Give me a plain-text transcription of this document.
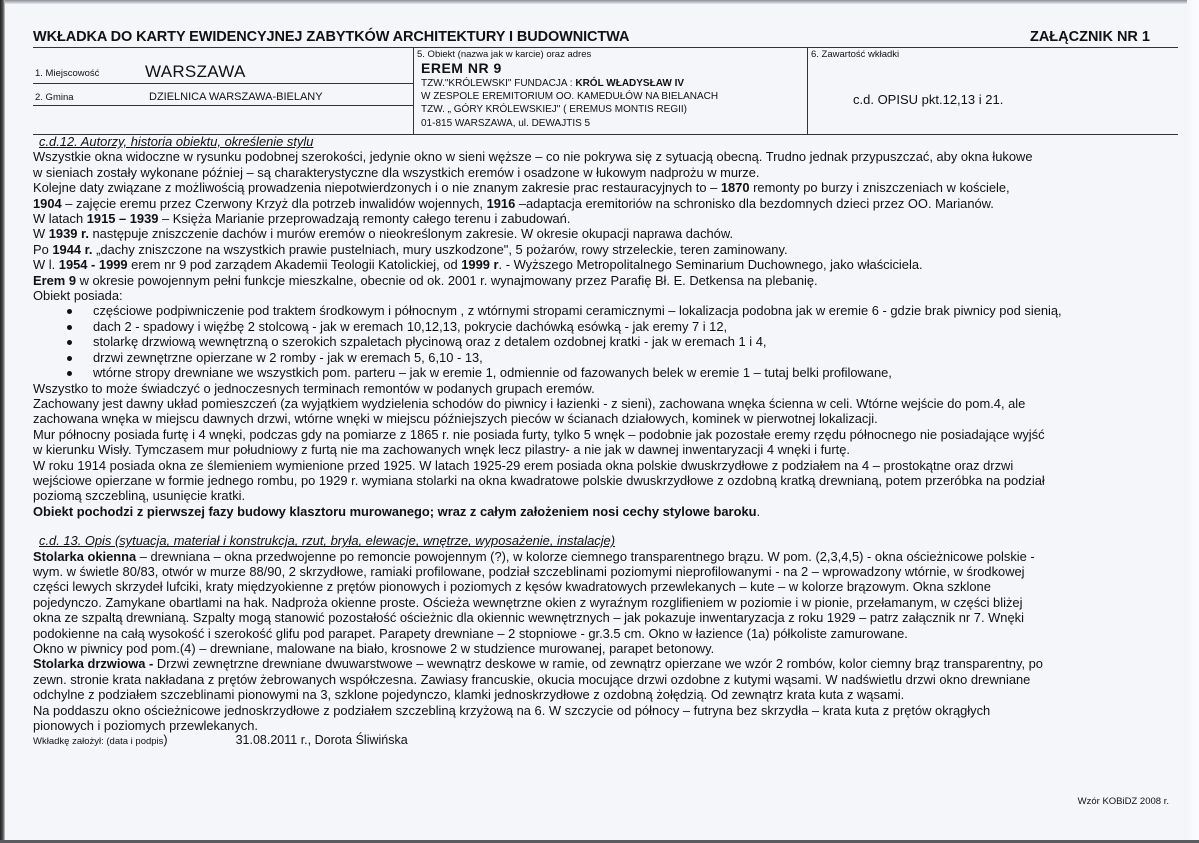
WKŁADKA DO KARTY EWIDENCYJNEJ ZABYTKÓW ARCHITEKTURY I BUDOWNICTWA	ZAŁĄCZNIK NR 1
1. Miejscowość	WARSZAWA
2. Gmina	DZIELNICA WARSZAWA-BIELANY
5. Obiekt (nazwa jak w karcie) oraz adres
EREM NR 9
TZW."KRÓLEWSKI" FUNDACJA : KRÓL WŁADYSŁAW IV
W ZESPOLE EREMITORIUM OO. KAMEDUŁÓW NA BIELANACH
TZW. „ GÓRY KRÓLEWSKIEJ" ( EREMUS MONTIS REGII)
01-815 WARSZAWA, ul. DEWAJTIS 5
6. Zawartość wkładki
c.d. OPISU pkt.12,13 i 21.

c.d.12. Autorzy, historia obiektu, określenie stylu

Wszystkie okna widoczne w rysunku podobnej szerokości, jedynie okno w sieni węższe – co nie pokrywa się z sytuacją obecną. Trudno jednak przypuszczać, aby okna łukowe

w sieniach zostały wykonane później – są charakterystyczne dla wszystkich eremów i osadzone w łukowym nadprożu w murze.

Kolejne daty związane z możliwością prowadzenia niepotwierdzonych i o nie znanym zakresie prac restauracyjnych to – 1870 remonty po burzy i zniszczeniach w kościele,

1904 – zajęcie eremu przez Czerwony Krzyż dla potrzeb inwalidów wojennych, 1916 –adaptacja eremitoriów na schronisko dla bezdomnych dzieci przez OO. Marianów.

W latach 1915 – 1939 – Księża Marianie przeprowadzają remonty całego terenu i zabudowań.

W 1939 r. następuje zniszczenie dachów i murów eremów o nieokreślonym zakresie. W okresie okupacji naprawa dachów.

Po 1944 r. „dachy zniszczone na wszystkich prawie pustelniach, mury uszkodzone", 5 pożarów, rowy strzeleckie, teren zaminowany.

W l. 1954 - 1999 erem nr 9 pod zarządem Akademii Teologii Katolickiej, od 1999 r. - Wyższego Metropolitalnego Seminarium Duchownego, jako właściciela.

Erem 9 w okresie powojennym pełni funkcje mieszkalne, obecnie od ok. 2001 r. wynajmowany przez Parafię Bł. E. Detkensa na plebanię.

Obiekt posiada:

częściowe podpiwniczenie pod traktem środkowym i północnym , z wtórnymi stropami ceramicznymi – lokalizacja podobna jak w eremie 6 - gdzie brak piwnicy pod sienią,
dach 2 - spadowy i więźbę 2 stolcową - jak w eremach 10,12,13, pokrycie dachówką esówką - jak eremy 7 i 12,
stolarkę drzwiową wewnętrzną o szerokich szpaletach płycinową oraz z detalem ozdobnej kratki - jak w eremach 1 i 4,
drzwi zewnętrzne opierzane w 2 romby - jak w eremach 5, 6,10 - 13,
wtórne stropy drewniane we wszystkich pom. parteru – jak w eremie 1, odmiennie od fazowanych belek w eremie 1 – tutaj belki profilowane,

Wszystko to może świadczyć o jednoczesnych terminach remontów w podanych grupach eremów.

Zachowany jest dawny układ pomieszczeń (za wyjątkiem wydzielenia schodów do piwnicy i łazienki - z sieni), zachowana wnęka ścienna w celi. Wtórne wejście do pom.4, ale

zachowana wnęka w miejscu dawnych drzwi, wtórne wnęki w miejscu późniejszych pieców w ścianach działowych, kominek w pierwotnej lokalizacji.

Mur północny posiada furtę i 4 wnęki, podczas gdy na pomiarze z 1865 r. nie posiada furty, tylko 5 wnęk – podobnie jak pozostałe eremy rzędu północnego nie posiadające wyjść

w kierunku Wisły. Tymczasem mur południowy z furtą nie ma zachowanych wnęk lecz pilastry- a nie jak w dawnej inwentaryzacji 4 wnęki i furtę.

W roku 1914 posiada okna ze ślemieniem wymienione przed 1925. W latach 1925-29 erem posiada okna polskie dwuskrzydłowe z podziałem na 4 – prostokątne oraz drzwi

wejściowe opierzane w formie jednego rombu, po 1929 r. wymiana stolarki na okna kwadratowe polskie dwuskrzydłowe z ozdobną kratką drewnianą, potem przeróbka na podział

poziomą szczebliną, usunięcie kratki.

Obiekt pochodzi z pierwszej fazy budowy klasztoru murowanego; wraz z całym założeniem nosi cechy stylowe baroku.

c.d. 13. Opis (sytuacja, materiał i konstrukcja, rzut, bryła, elewacje, wnętrze, wyposażenie, instalacje)

Stolarka okienna – drewniana – okna przedwojenne po remoncie powojennym (?), w kolorze ciemnego transparentnego brązu. W pom. (2,3,4,5) - okna ościeżnicowe polskie -

wym. w świetle 80/83, otwór w murze 88/90, 2 skrzydłowe, ramiaki profilowane, podział szczeblinami poziomymi nieprofilowanymi - na 2 – wprowadzony wtórnie, w środkowej

części lewych skrzydeł lufciki, kraty międzyokienne z prętów pionowych i poziomych z kęsów kwadratowych przewlekanych – kute – w kolorze brązowym. Okna szklone

pojedynczo. Zamykane obartlami na hak. Nadproża okienne proste. Ościeża wewnętrzne okien z wyraźnym rozglifieniem w poziomie i w pionie, przełamanym, w części bliżej

okna ze szpaltą drewnianą. Szpalty mogą stanowić pozostałość ościeżnic dla okiennic wewnętrznych – jak pokazuje inwentaryzacja z roku 1929 – patrz załącznik nr 7. Wnęki

podokienne na całą wysokość i szerokość glifu pod parapet. Parapety drewniane – 2 stopniowe - gr.3.5 cm. Okno w łazience (1a) półkoliste zamurowane.

Okno w piwnicy pod pom.(4) – drewniane, malowane na biało, krosnowe 2 w studzience murowanej, parapet betonowy.

Stolarka drzwiowa - Drzwi zewnętrzne drewniane dwuwarstwowe – wewnątrz deskowe w ramie, od zewnątrz opierzane we wzór 2 rombów, kolor ciemny brąz transparentny, po

zewn. stronie krata nakładana z prętów żebrowanych współczesna. Zawiasy francuskie, okucia mocujące drzwi ozdobne z kutymi wąsami. W nadświetlu drzwi okno drewniane

odchylne z podziałem szczeblinami pionowymi na 3, szklone pojedynczo, klamki jednoskrzydłowe z ozdobną żołędzią. Od zewnątrz krata kuta z wąsami.

Na poddaszu okno ościeżnicowe jednoskrzydłowe z podziałem szczebliną krzyżową na 6. W szczycie od północy – futryna bez skrzydła – krata kuta z prętów okrągłych

pionowych i poziomych przewlekanych.

Wkładkę założył: (data i podpis)	31.08.2011 r., Dorota Śliwińska

Wzór KOBiDZ 2008 r.
